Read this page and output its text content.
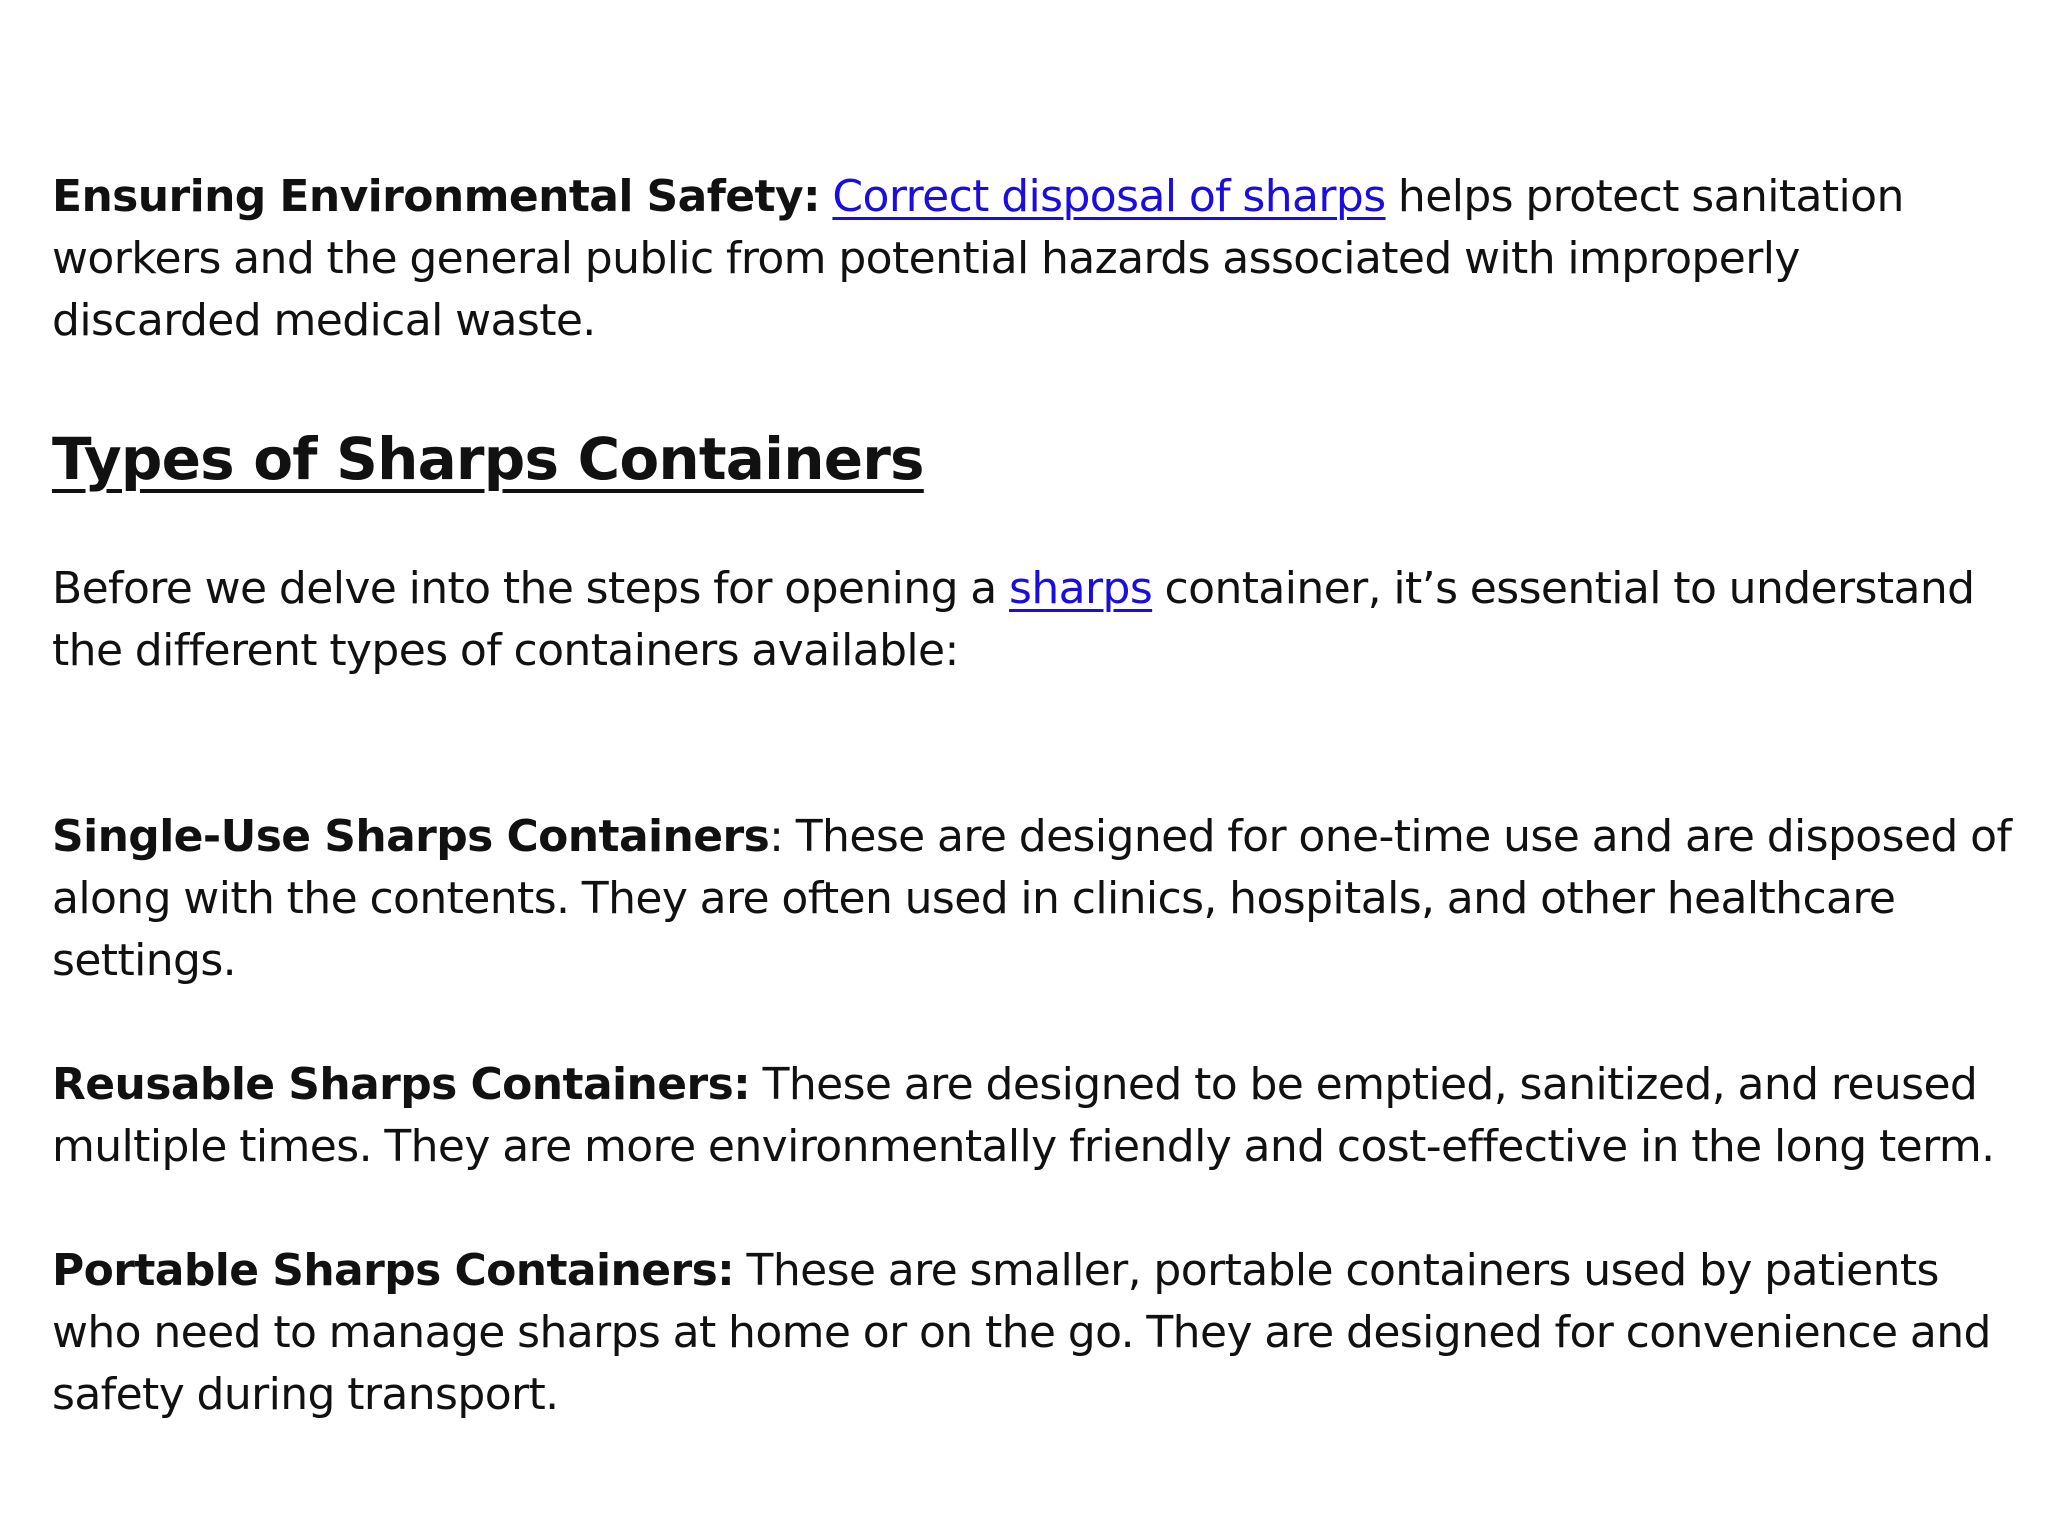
Ensuring Environmental Safety: Correct disposal of sharps helps protect sanitation workers and the general public from potential hazards associated with improperly discarded medical waste.

Types of Sharps Containers

Before we delve into the steps for opening a sharps container, it’s essential to understand the different types of containers available:

Single-Use Sharps Containers: These are designed for one-time use and are disposed of along with the contents. They are often used in clinics, hospitals, and other healthcare settings.

Reusable Sharps Containers: These are designed to be emptied, sanitized, and reused multiple times. They are more environmentally friendly and cost-effective in the long term.

Portable Sharps Containers: These are smaller, portable containers used by patients who need to manage sharps at home or on the go. They are designed for convenience and safety during transport.
